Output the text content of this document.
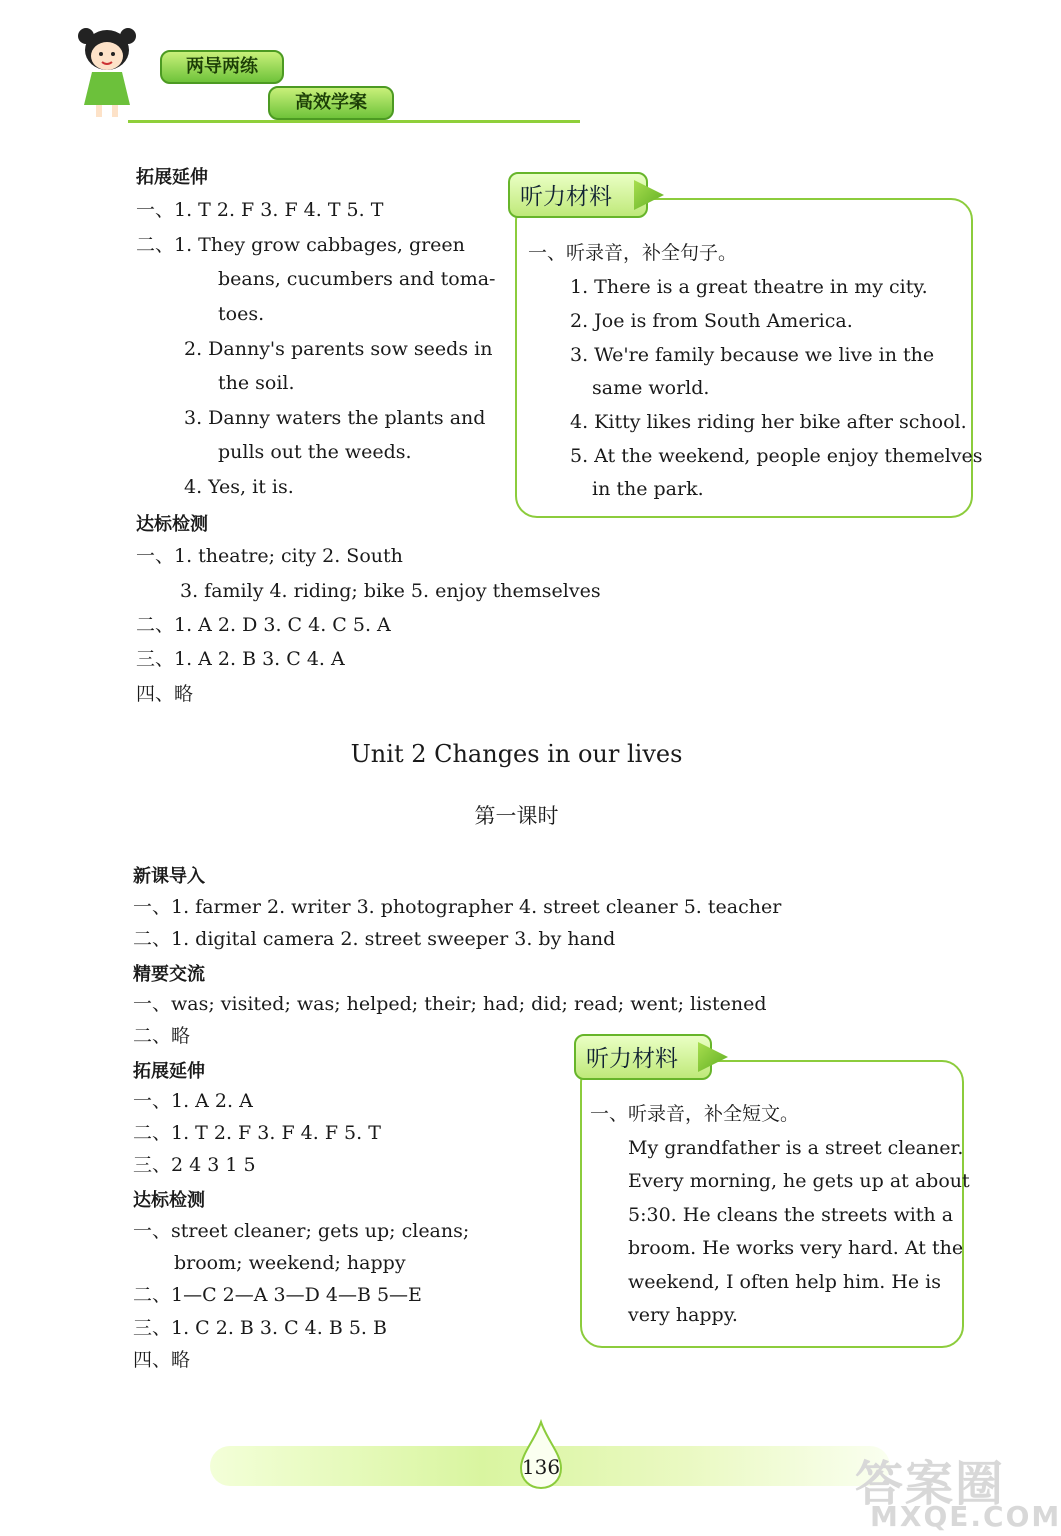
两导两练
高效学案
拓展延伸
一、1. T 2. F 3. F 4. T 5. T
二、1. They grow cabbages, green
beans, cucumbers and toma-
toes.
2. Danny's parents sow seeds in
the soil.
3. Danny waters the plants and
pulls out the weeds.
4. Yes, it is.
达标检测
一、1. theatre; city 2. South
3. family 4. riding; bike 5. enjoy themselves
二、1. A 2. D 3. C 4. C 5. A
三、1. A 2. B 3. C 4. A
四、略
听力材料
一、听录音，补全句子。
1. There is a great theatre in my city.
2. Joe is from South America.
3. We're family because we live in the
same world.
4. Kitty likes riding her bike after school.
5. At the weekend, people enjoy themelves
in the park.
Unit 2 Changes in our lives
第一课时
新课导入
一、1. farmer 2. writer 3. photographer 4. street cleaner 5. teacher
二、1. digital camera 2. street sweeper 3. by hand
精要交流
一、was; visited; was; helped; their; had; did; read; went; listened
二、略
拓展延伸
一、1. A 2. A
二、1. T 2. F 3. F 4. F 5. T
三、2 4 3 1 5
达标检测
一、street cleaner; gets up; cleans;
broom; weekend; happy
二、1—C 2—A 3—D 4—B 5—E
三、1. C 2. B 3. C 4. B 5. B
四、略
听力材料
一、听录音，补全短文。
My grandfather is a street cleaner.
Every morning, he gets up at about
5:30. He cleans the streets with a
broom. He works very hard. At the
weekend, I often help him. He is
very happy.
136	答案圈
MXQE.COM
